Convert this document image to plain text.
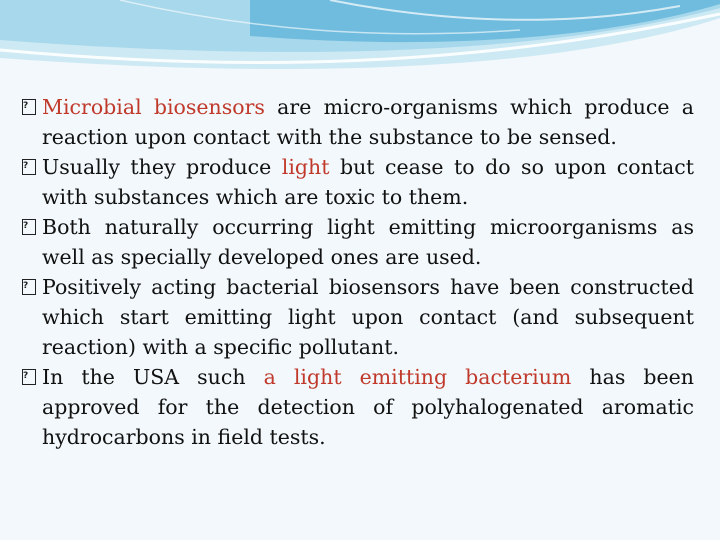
? Microbial biosensors are micro-organisms which produce a reaction upon contact with the substance to be sensed.
? Usually they produce light but cease to do so upon contact with substances which are toxic to them.
? Both naturally occurring light emitting microorganisms as well as specially developed ones are used.
? Positively acting bacterial biosensors have been constructed which start emitting light upon contact (and subsequent reaction) with a specific pollutant.
? In the USA such a light emitting bacterium has been approved for the detection of polyhalogenated aromatic hydrocarbons in field tests.
